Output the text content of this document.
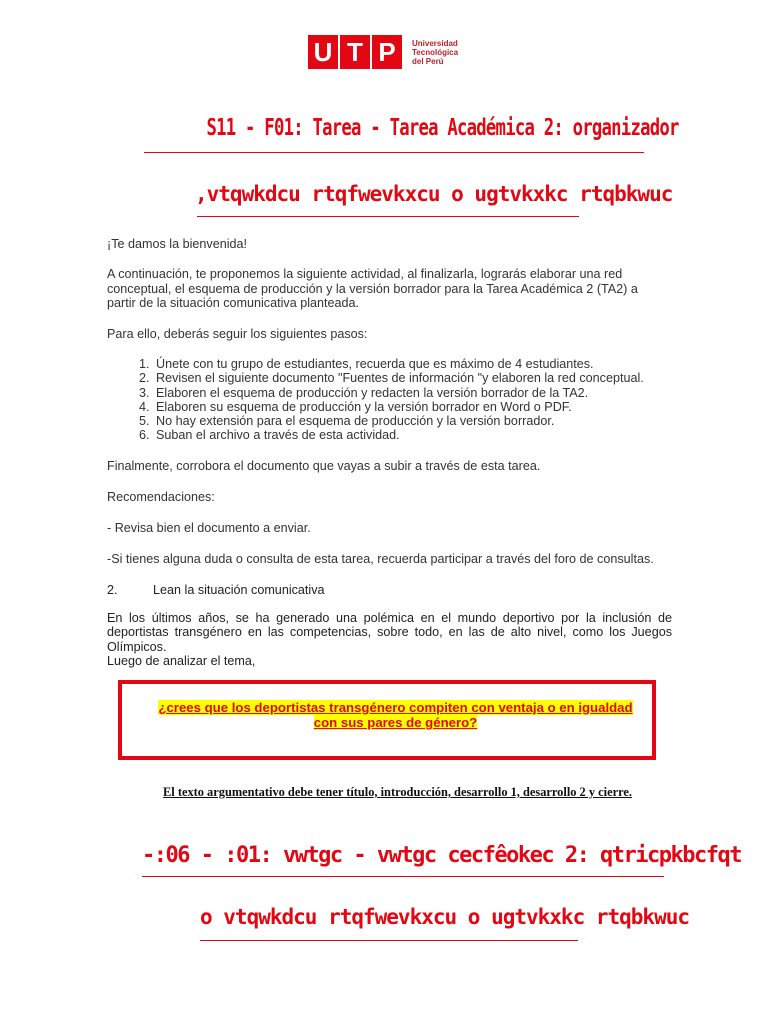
U T P	Universidad
Tecnológica
del Perú
S11 - F01: Tarea - Tarea Académica 2: organizador
,vtqwkdcu rtqfwevkxcu o ugtvkxkc rtqbkwuc
¡Te damos la bienvenida!
A continuación, te proponemos la siguiente actividad, al finalizarla, lograrás elaborar una red conceptual, el esquema de producción y la versión borrador para la Tarea Académica 2 (TA2) a partir de la situación comunicativa planteada.
Para ello, deberás seguir los siguientes pasos:
1. Únete con tu grupo de estudiantes, recuerda que es máximo de 4 estudiantes.
2. Revisen el siguiente documento "Fuentes de información "y elaboren la red conceptual.
3. Elaboren el esquema de producción y redacten la versión borrador de la TA2.
4. Elaboren su esquema de producción y la versión borrador en Word o PDF.
5. No hay extensión para el esquema de producción y la versión borrador.
6. Suban el archivo a través de esta actividad.
Finalmente, corrobora el documento que vayas a subir a través de esta tarea.
Recomendaciones:
- Revisa bien el documento a enviar.
-Si tienes alguna duda o consulta de esta tarea, recuerda participar a través del foro de consultas.
2.	Lean la situación comunicativa
En los últimos años, se ha generado una polémica en el mundo deportivo por la inclusión de deportistas transgénero en las competencias, sobre todo, en las de alto nivel, como los Juegos Olímpicos.
Luego de analizar el tema,
¿crees que los deportistas transgénero compiten con ventaja o en igualdad con sus pares de género?
El texto argumentativo debe tener título, introducción, desarrollo 1, desarrollo 2 y cierre.
-:06 - :01: vwtgc - vwtgc cecfêokec 2: qtricpkbcfqt
o vtqwkdcu rtqfwevkxcu o ugtvkxkc rtqbkwuc
